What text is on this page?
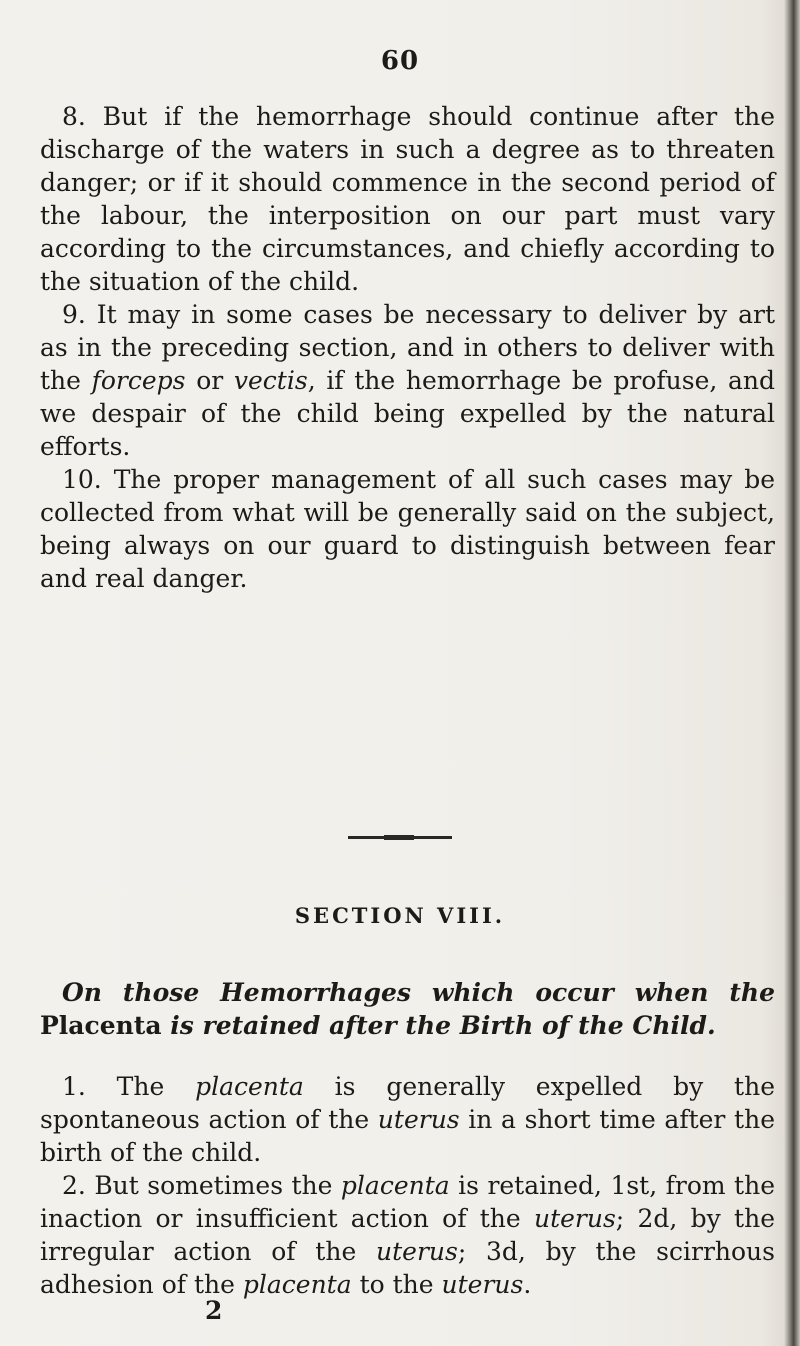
60

8. But if the hemorrhage should continue after the discharge of the waters in such a degree as to threaten danger; or if it should commence in the second period of the labour, the interposition on our part must vary according to the circumstances, and chiefly according to the situation of the child.

9. It may in some cases be necessary to deliver by art as in the preceding section, and in others to deliver with the forceps or vectis, if the hemorrhage be profuse, and we despair of the child being expelled by the natural efforts.

10. The proper management of all such cases may be collected from what will be generally said on the subject, being always on our guard to distinguish between fear and real danger.

SECTION VIII.
On those Hemorrhages which occur when the Placenta is retained after the Birth of the Child.

1. The placenta is generally expelled by the spontaneous action of the uterus in a short time after the birth of the child.

2. But sometimes the placenta is retained, 1st, from the inaction or insufficient action of the uterus; 2d, by the irregular action of the uterus; 3d, by the scirrhous adhesion of the placenta to the uterus.

2
